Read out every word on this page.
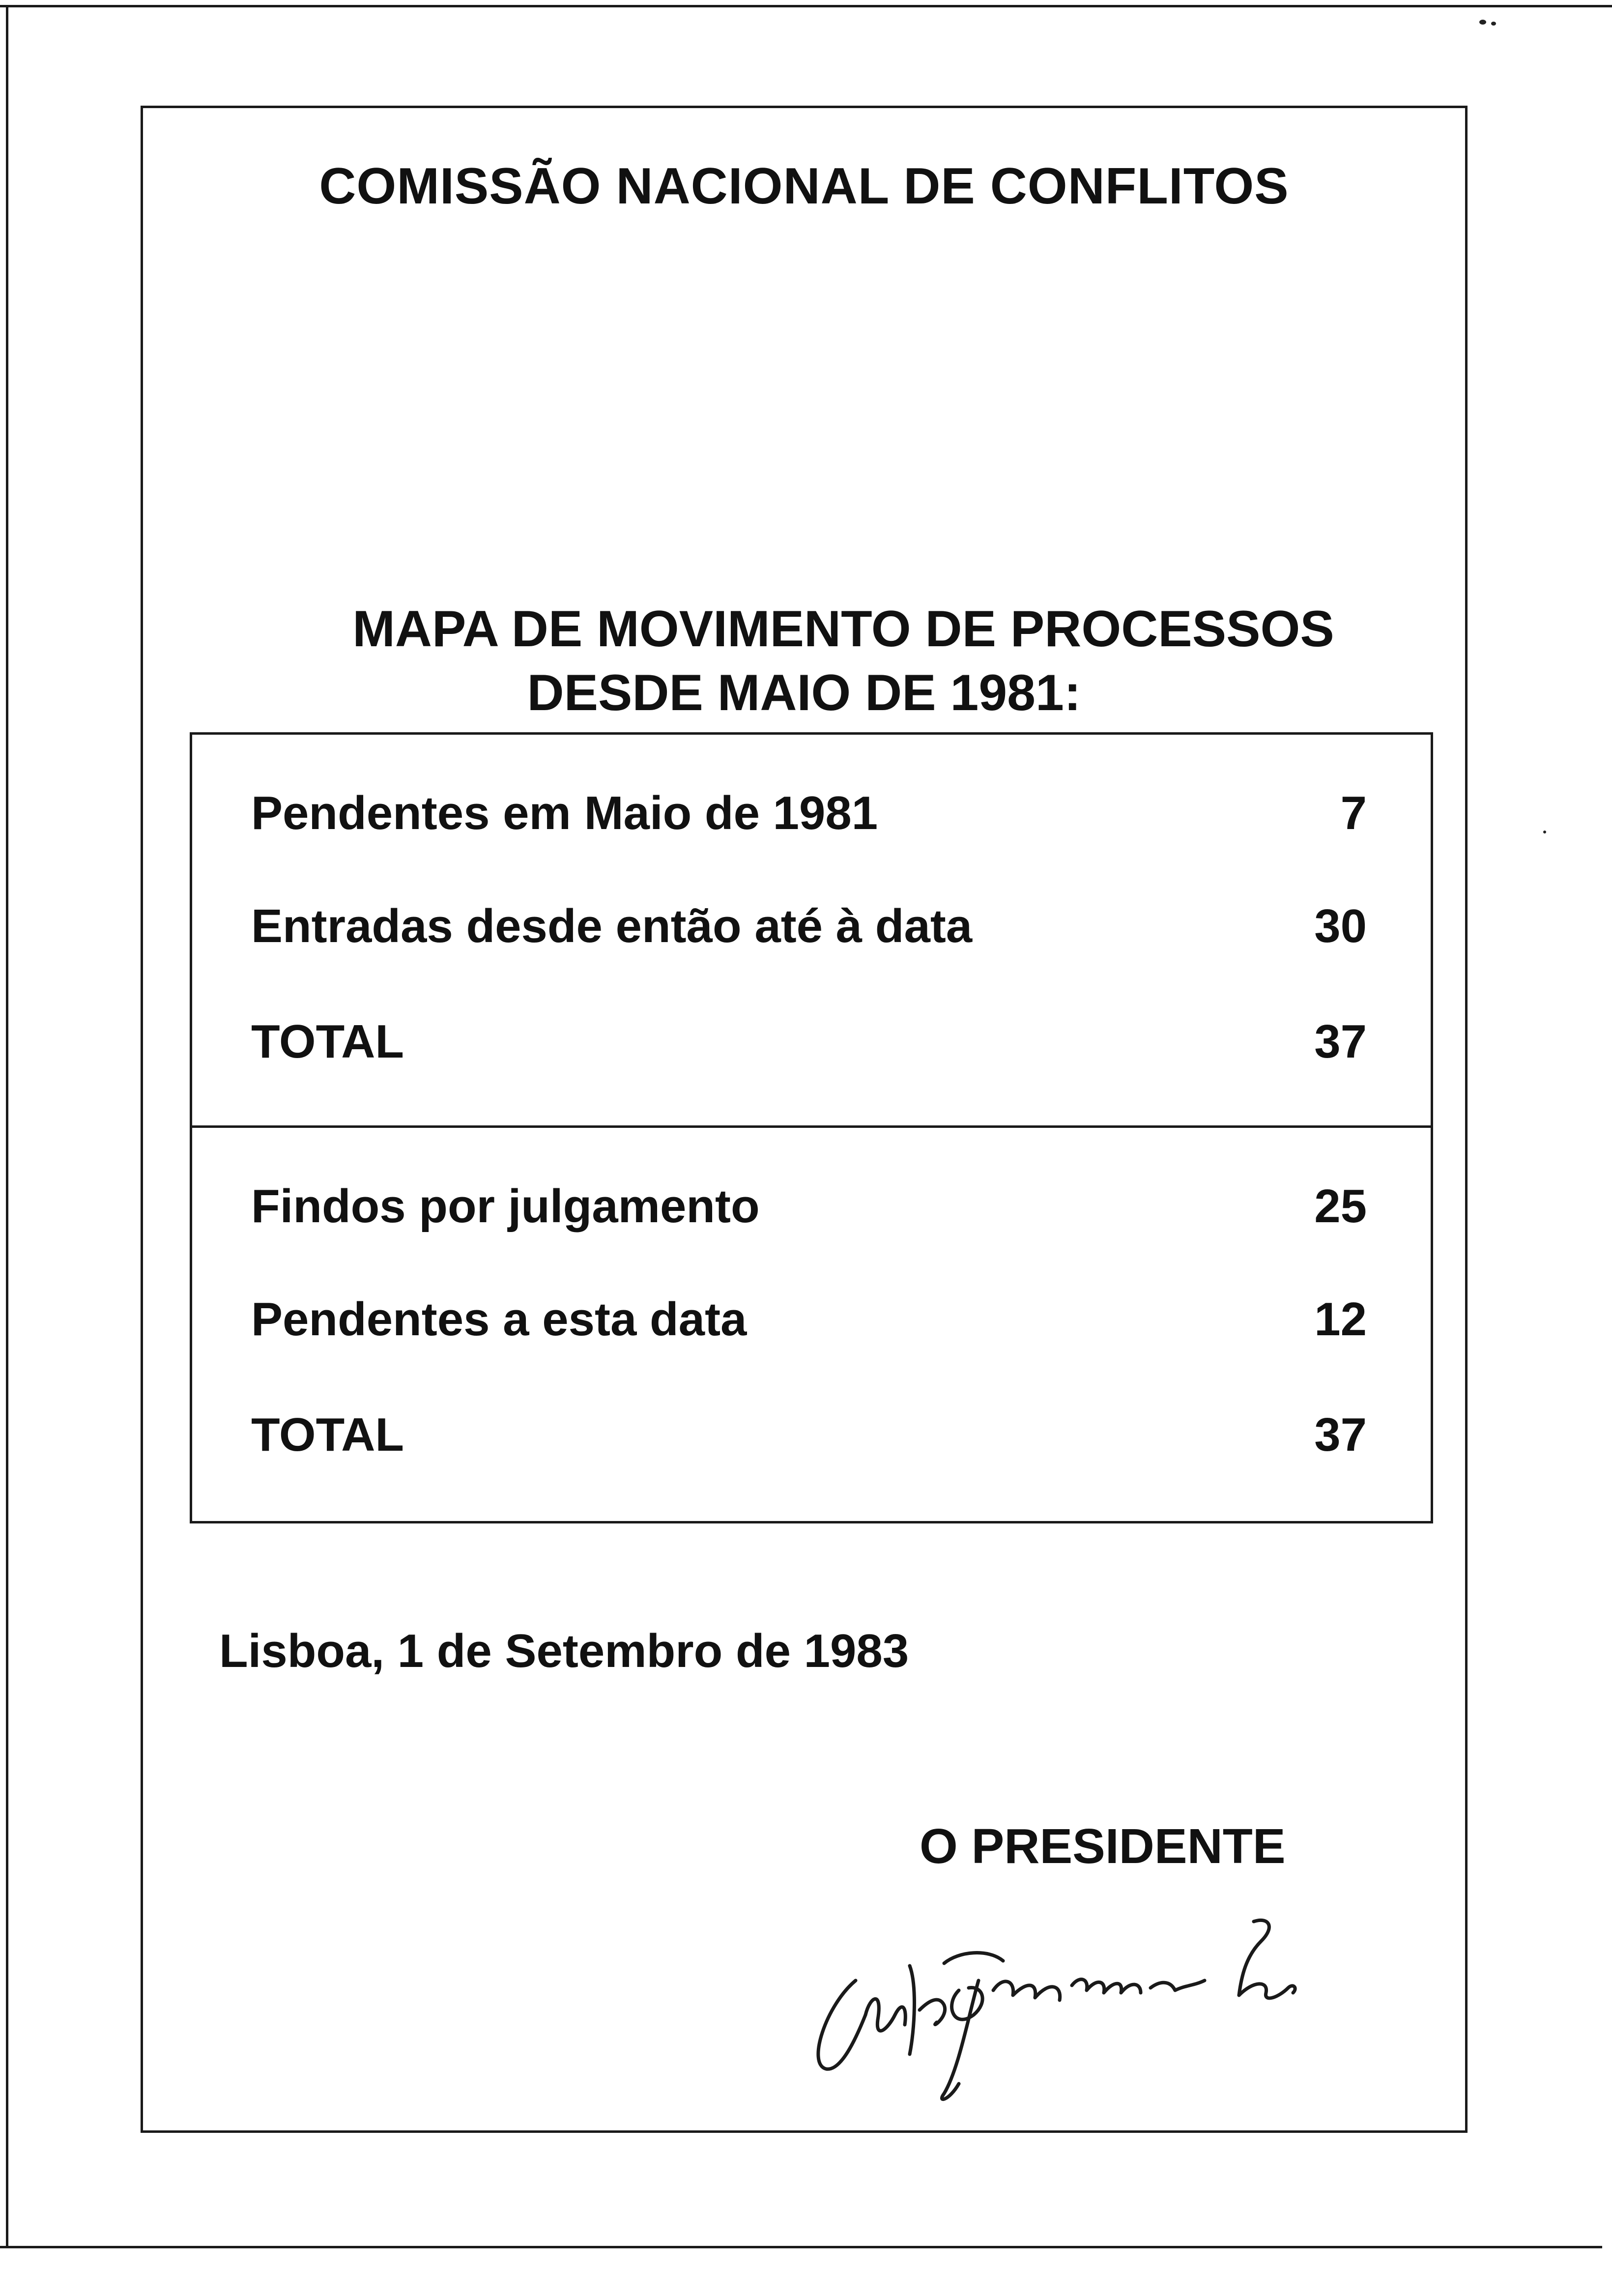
COMISSÃO NACIONAL DE CONFLITOS
MAPA DE MOVIMENTO DE PROCESSOS
DESDE MAIO DE 1981:
Pendentes em Maio de 1981	7
Entradas desde então até à data	30
TOTAL	37
Findos por julgamento	25
Pendentes a esta data	12
TOTAL	37

Lisboa, 1 de Setembro de 1983

O PRESIDENTE
